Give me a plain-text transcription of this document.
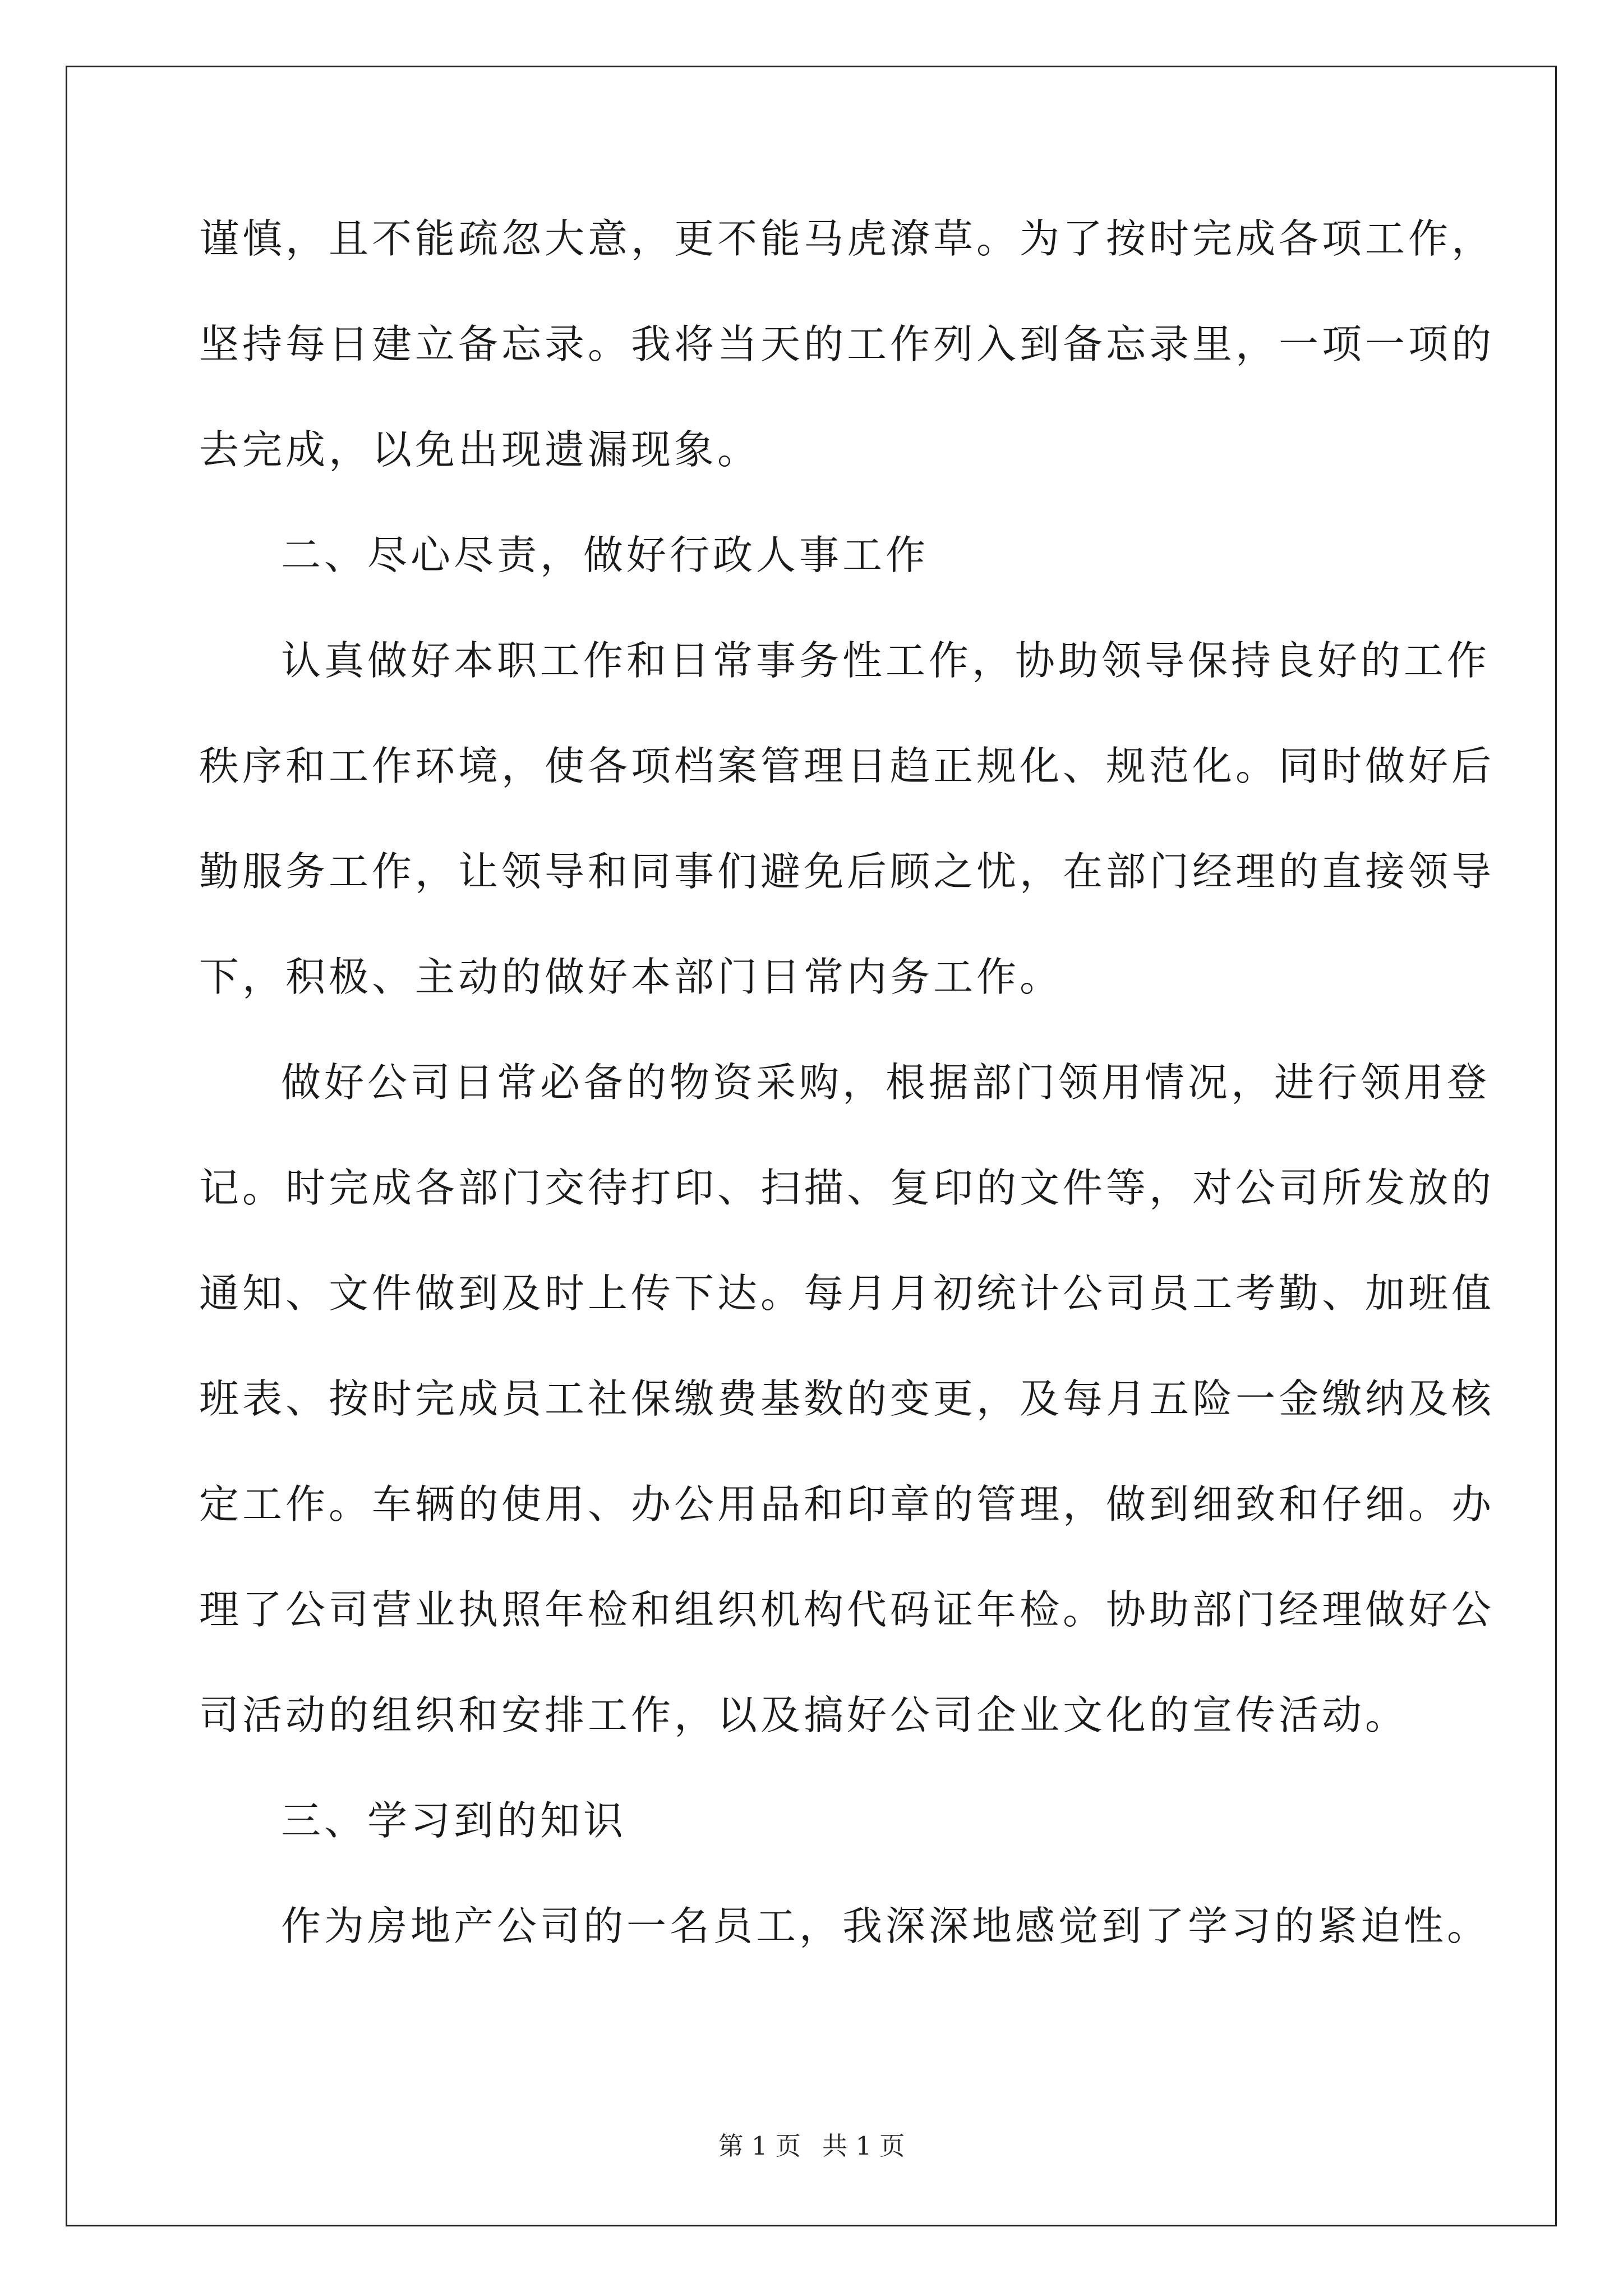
谨慎，且不能疏忽大意，更不能马虎潦草。为了按时完成各项工作，
坚持每日建立备忘录。我将当天的工作列入到备忘录里，一项一项的
去完成，以免出现遗漏现象。
二、尽心尽责，做好行政人事工作
认真做好本职工作和日常事务性工作，协助领导保持良好的工作
秩序和工作环境，使各项档案管理日趋正规化、规范化。同时做好后
勤服务工作，让领导和同事们避免后顾之忧，在部门经理的直接领导
下，积极、主动的做好本部门日常内务工作。
做好公司日常必备的物资采购，根据部门领用情况，进行领用登
记。时完成各部门交待打印、扫描、复印的文件等，对公司所发放的
通知、文件做到及时上传下达。每月月初统计公司员工考勤、加班值
班表、按时完成员工社保缴费基数的变更，及每月五险一金缴纳及核
定工作。车辆的使用、办公用品和印章的管理，做到细致和仔细。办
理了公司营业执照年检和组织机构代码证年检。协助部门经理做好公
司活动的组织和安排工作，以及搞好公司企业文化的宣传活动。
三、学习到的知识
作为房地产公司的一名员工，我深深地感觉到了学习的紧迫性。
第 1 页 共 1 页
